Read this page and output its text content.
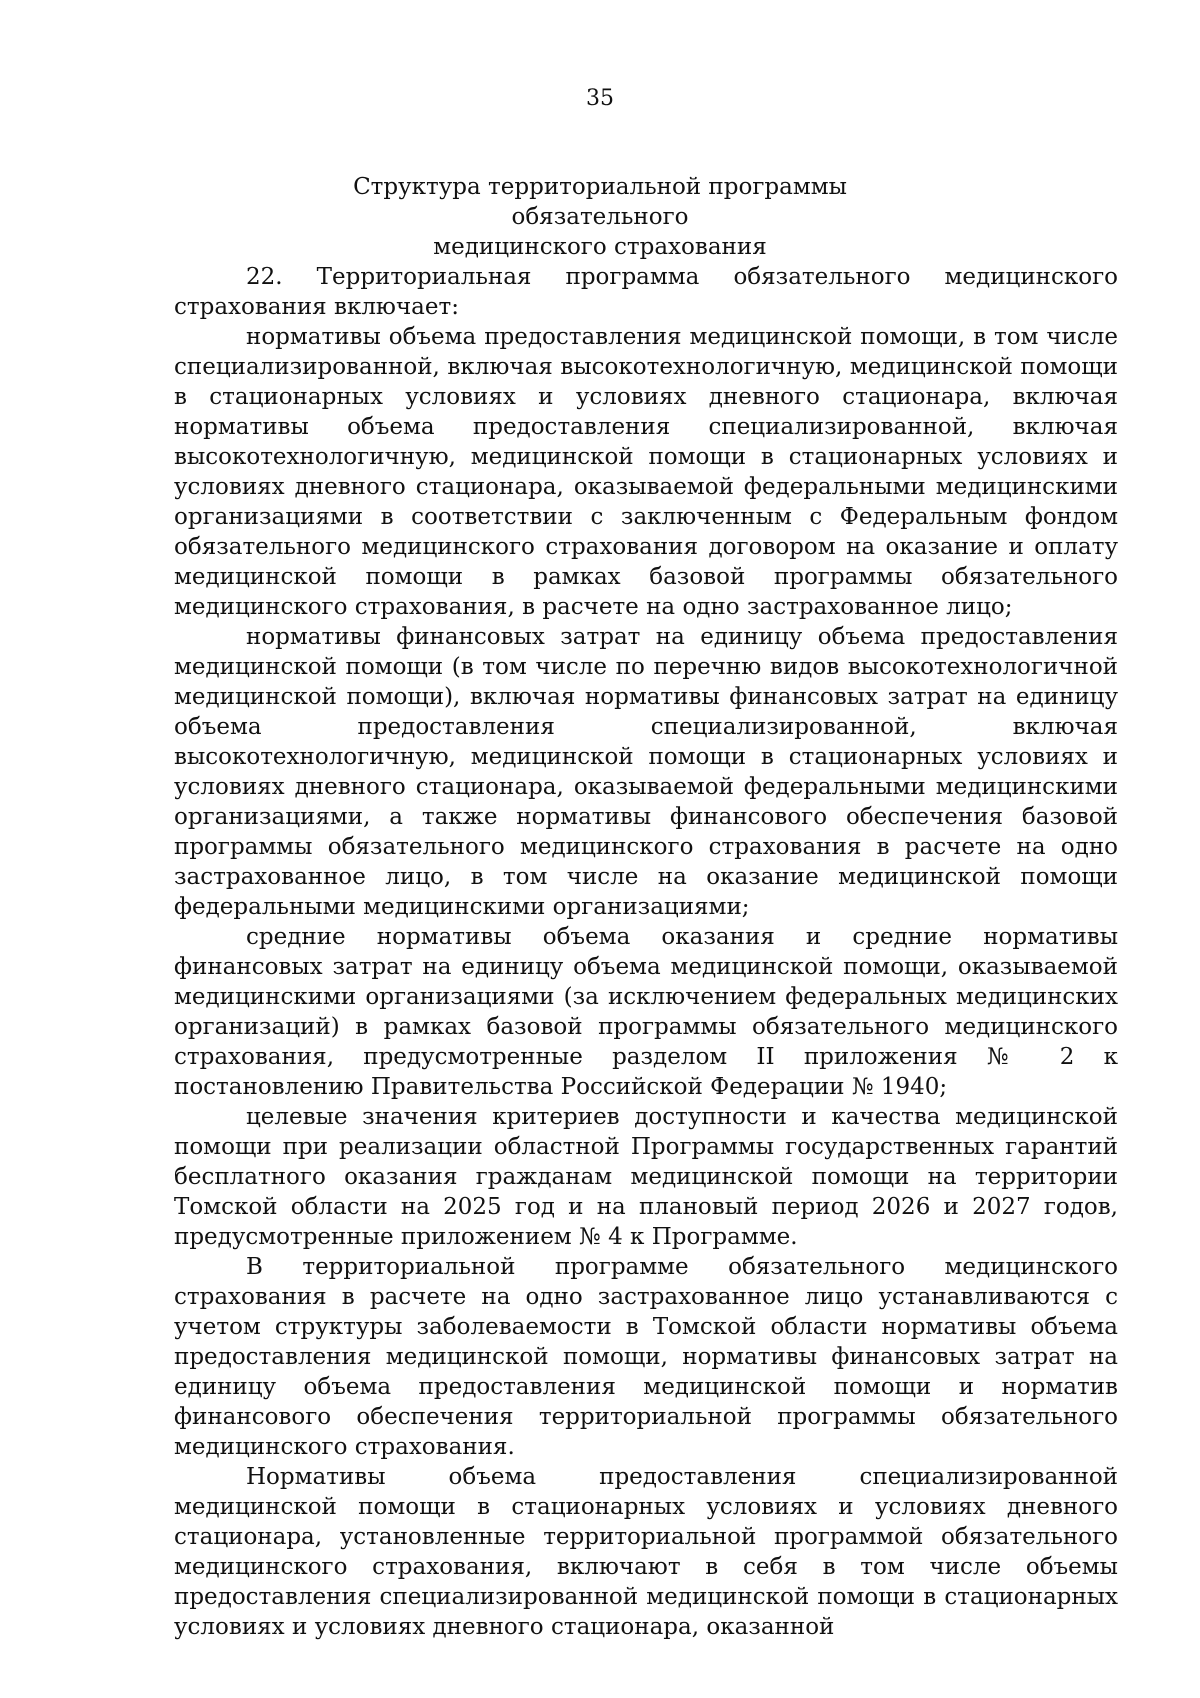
35
Структура территориальной программы обязательного
медицинского страхования

22. Территориальная программа обязательного медицинского страхования включает:

нормативы объема предоставления медицинской помощи, в том числе специализированной, включая высокотехнологичную, медицинской помощи в стационарных условиях и условиях дневного стационара, включая нормативы объема предоставления специализированной, включая высокотехнологичную, медицинской помощи в стационарных условиях и условиях дневного стационара, оказываемой федеральными медицинскими организациями в соответствии с заключенным с Федеральным фондом обязательного медицинского страхования договором на оказание и оплату медицинской помощи в рамках базовой программы обязательного медицинского страхования, в расчете на одно застрахованное лицо;

нормативы финансовых затрат на единицу объема предоставления медицинской помощи (в том числе по перечню видов высокотехнологичной медицинской помощи), включая нормативы финансовых затрат на единицу объема предоставления специализированной, включая высокотехнологичную, медицинской помощи в стационарных условиях и условиях дневного стационара, оказываемой федеральными медицинскими организациями, а также нормативы финансового обеспечения базовой программы обязательного медицинского страхования в расчете на одно застрахованное лицо, в том числе на оказание медицинской помощи федеральными медицинскими организациями;

средние нормативы объема оказания и средние нормативы финансовых затрат на единицу объема медицинской помощи, оказываемой медицинскими организациями (за исключением федеральных медицинских организаций) в рамках базовой программы обязательного медицинского страхования, предусмотренные разделом II приложения № 2 к постановлению Правительства Российской Федерации № 1940;

целевые значения критериев доступности и качества медицинской помощи при реализации областной Программы государственных гарантий бесплатного оказания гражданам медицинской помощи на территории Томской области на 2025 год и на плановый период 2026 и 2027 годов, предусмотренные приложением № 4 к Программе.

В территориальной программе обязательного медицинского страхования в расчете на одно застрахованное лицо устанавливаются с учетом структуры заболеваемости в Томской области нормативы объема предоставления медицинской помощи, нормативы финансовых затрат на единицу объема предоставления медицинской помощи и норматив финансового обеспечения территориальной программы обязательного медицинского страхования.

Нормативы объема предоставления специализированной медицинской помощи в стационарных условиях и условиях дневного стационара, установленные территориальной программой обязательного медицинского страхования, включают в себя в том числе объемы предоставления специализированной медицинской помощи в стационарных условиях и условиях дневного стационара, оказанной
